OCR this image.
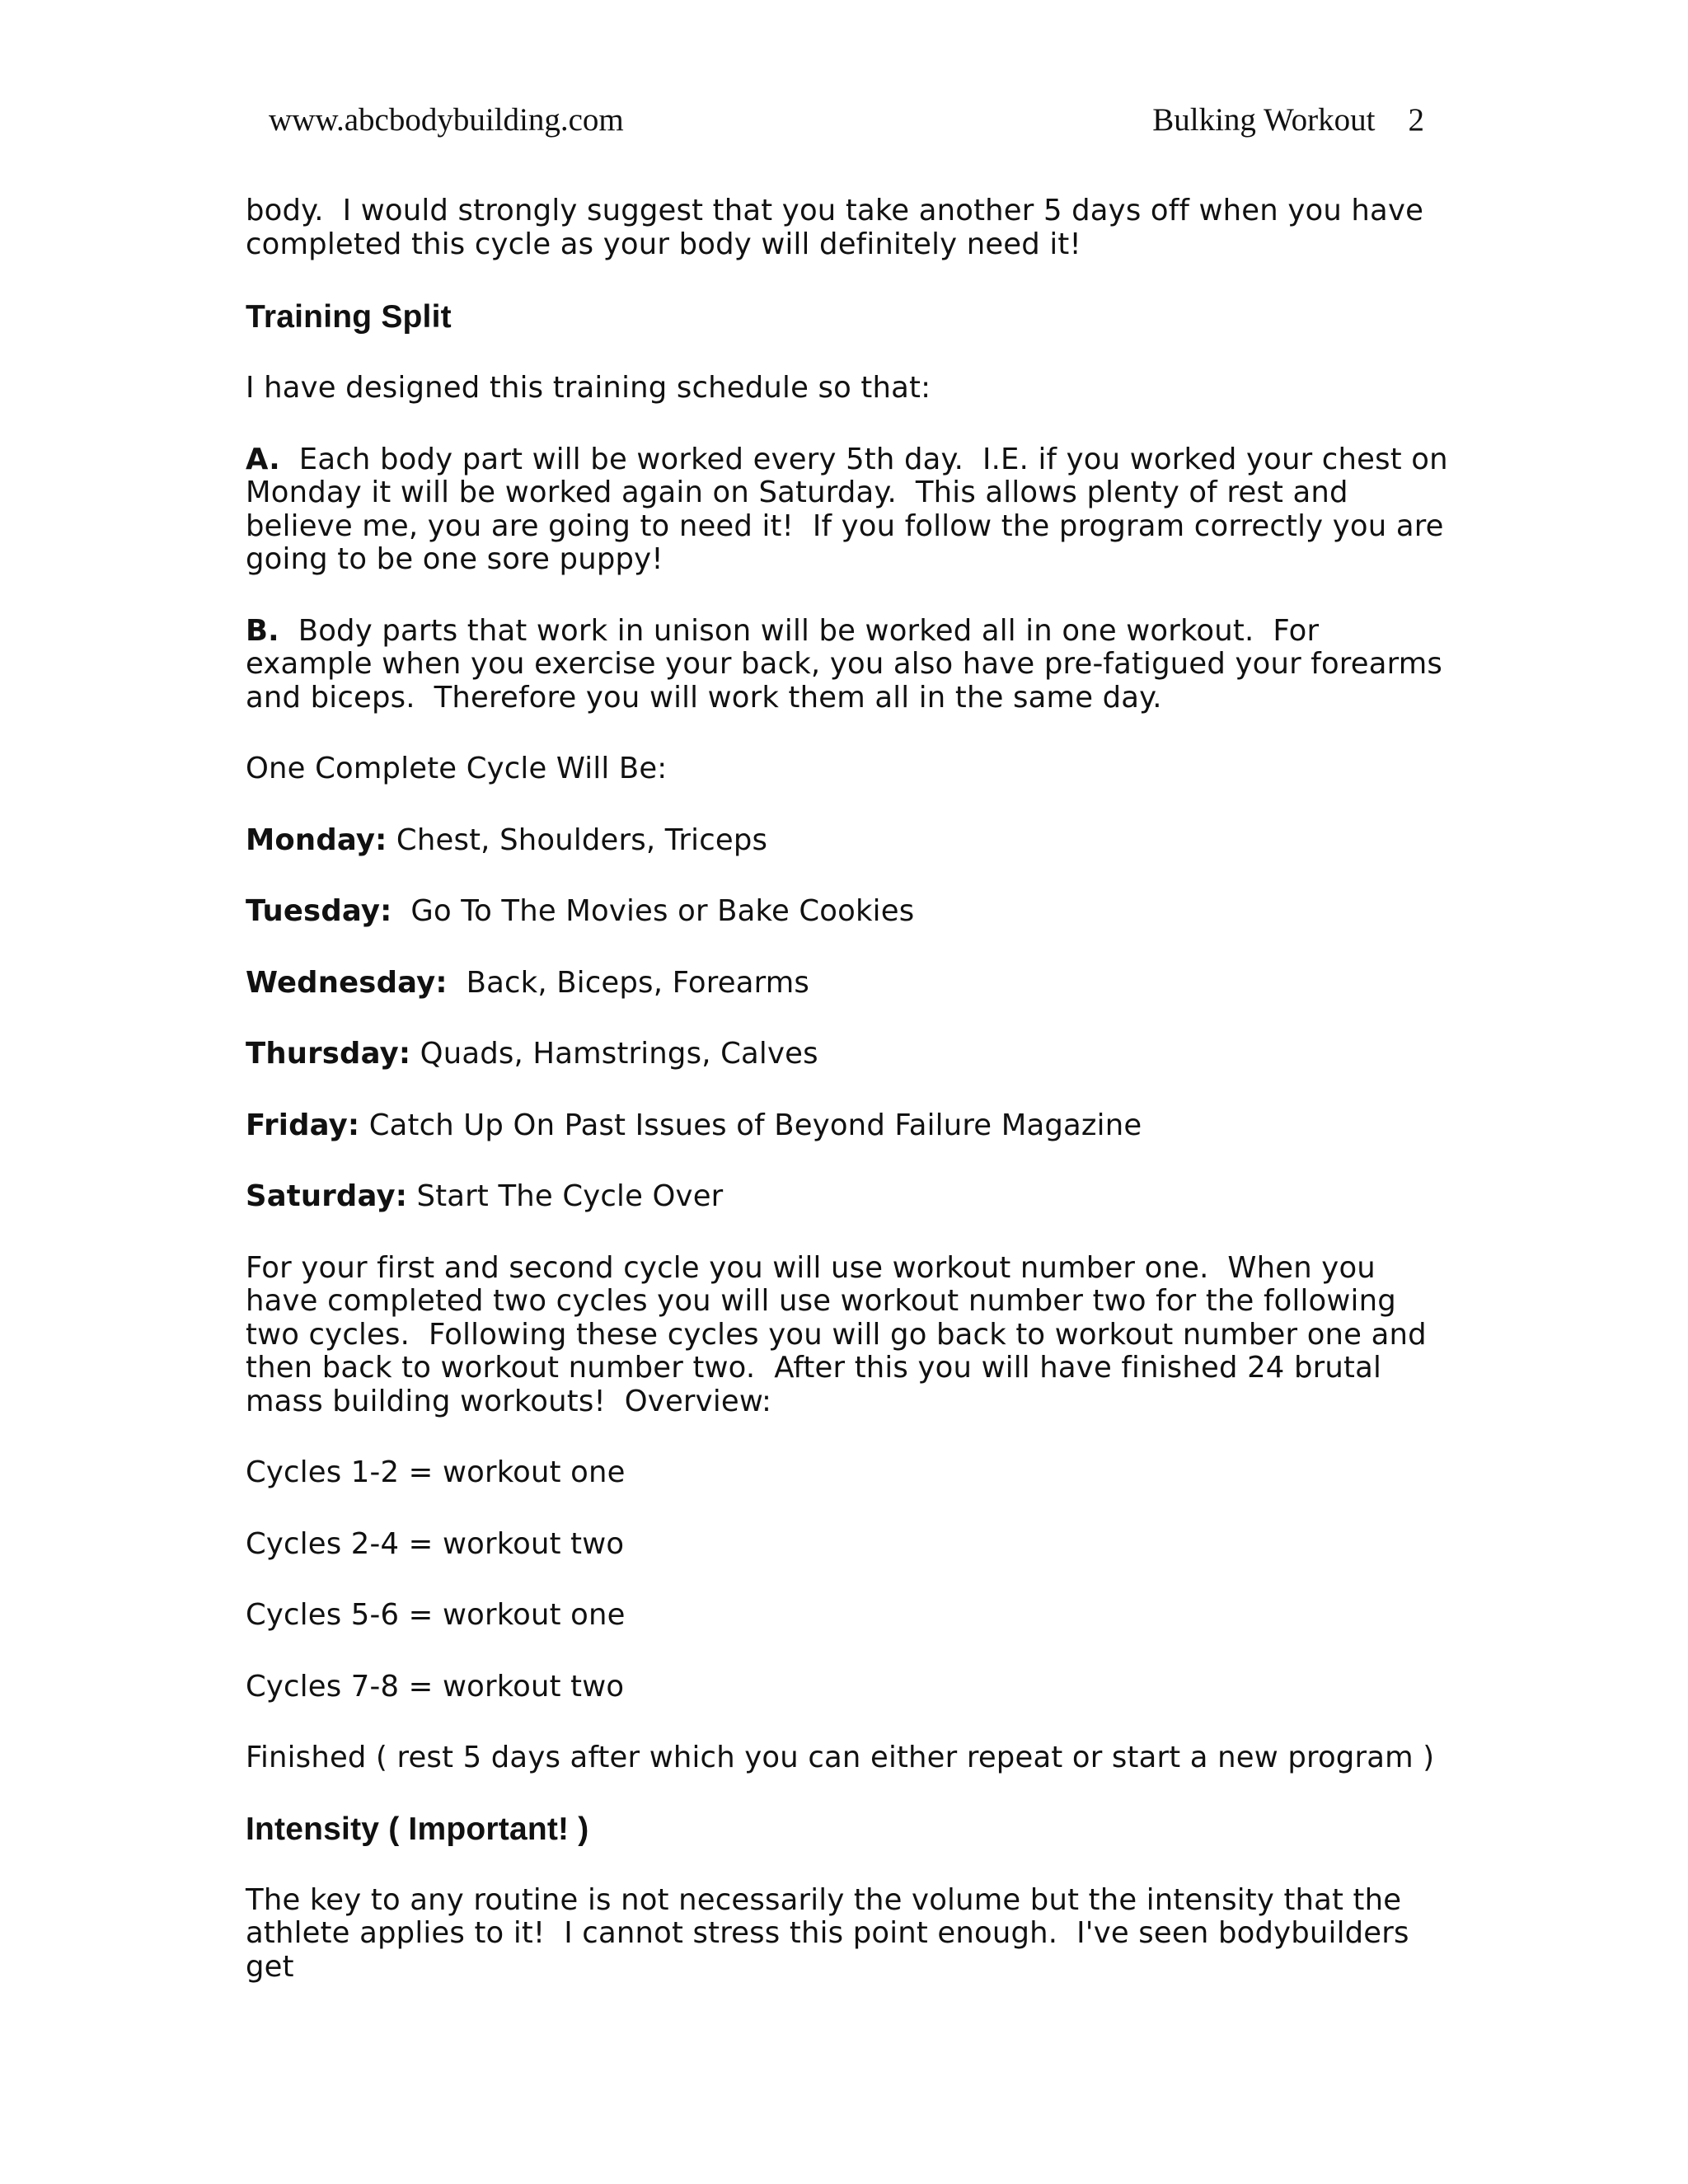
www.abcbodybuilding.com	Bulking Workout 2

body.  I would strongly suggest that you take another 5 days off when you have completed this cycle as your body will definitely need it!

Training Split

I have designed this training schedule so that:

A.  Each body part will be worked every 5th day.  I.E. if you worked your chest on Monday it will be worked again on Saturday.  This allows plenty of rest and believe me, you are going to need it!  If you follow the program correctly you are going to be one sore puppy!

B.  Body parts that work in unison will be worked all in one workout.  For example when you exercise your back, you also have pre-fatigued your forearms and biceps.  Therefore you will work them all in the same day.

One Complete Cycle Will Be:

Monday: Chest, Shoulders, Triceps

Tuesday:  Go To The Movies or Bake Cookies

Wednesday:  Back, Biceps, Forearms

Thursday: Quads, Hamstrings, Calves

Friday: Catch Up On Past Issues of Beyond Failure Magazine

Saturday: Start The Cycle Over

For your first and second cycle you will use workout number one.  When you have completed two cycles you will use workout number two for the following two cycles.  Following these cycles you will go back to workout number one and then back to workout number two.  After this you will have finished 24 brutal mass building workouts!  Overview:

Cycles 1-2 = workout one

Cycles 2-4 = workout two

Cycles 5-6 = workout one

Cycles 7-8 = workout two

Finished ( rest 5 days after which you can either repeat or start a new program )

Intensity ( Important! )

The key to any routine is not necessarily the volume but the intensity that the athlete applies to it!  I cannot stress this point enough.  I've seen bodybuilders get
